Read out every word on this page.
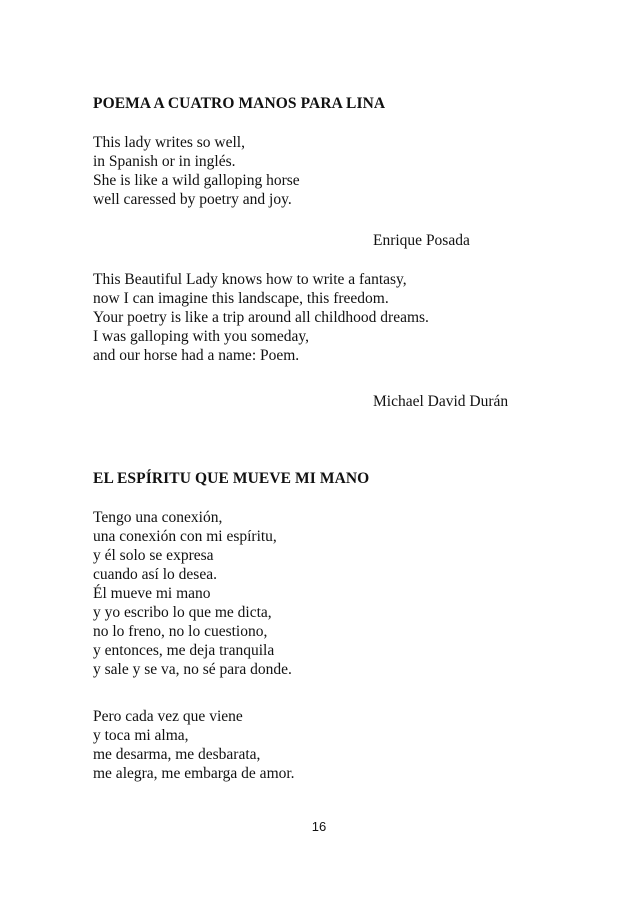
POEMA A CUATRO MANOS PARA LINA
This lady writes so well,
in Spanish or in inglés.
She is like a wild galloping horse
well caressed by poetry and joy.
Enrique Posada
This Beautiful Lady knows how to write a fantasy,
now I can imagine this landscape, this freedom.
Your poetry is like a trip around all childhood dreams.
I was galloping with you someday,
and our horse had a name: Poem.
Michael David Durán
EL ESPÍRITU QUE MUEVE MI MANO
Tengo una conexión,
una conexión con mi espíritu,
y él solo se expresa
cuando así lo desea.
Él mueve mi mano
y yo escribo lo que me dicta,
no lo freno, no lo cuestiono,
y entonces, me deja tranquila
y sale y se va, no sé para donde.
Pero cada vez que viene
y toca mi alma,
me desarma, me desbarata,
me alegra, me embarga de amor.
16
